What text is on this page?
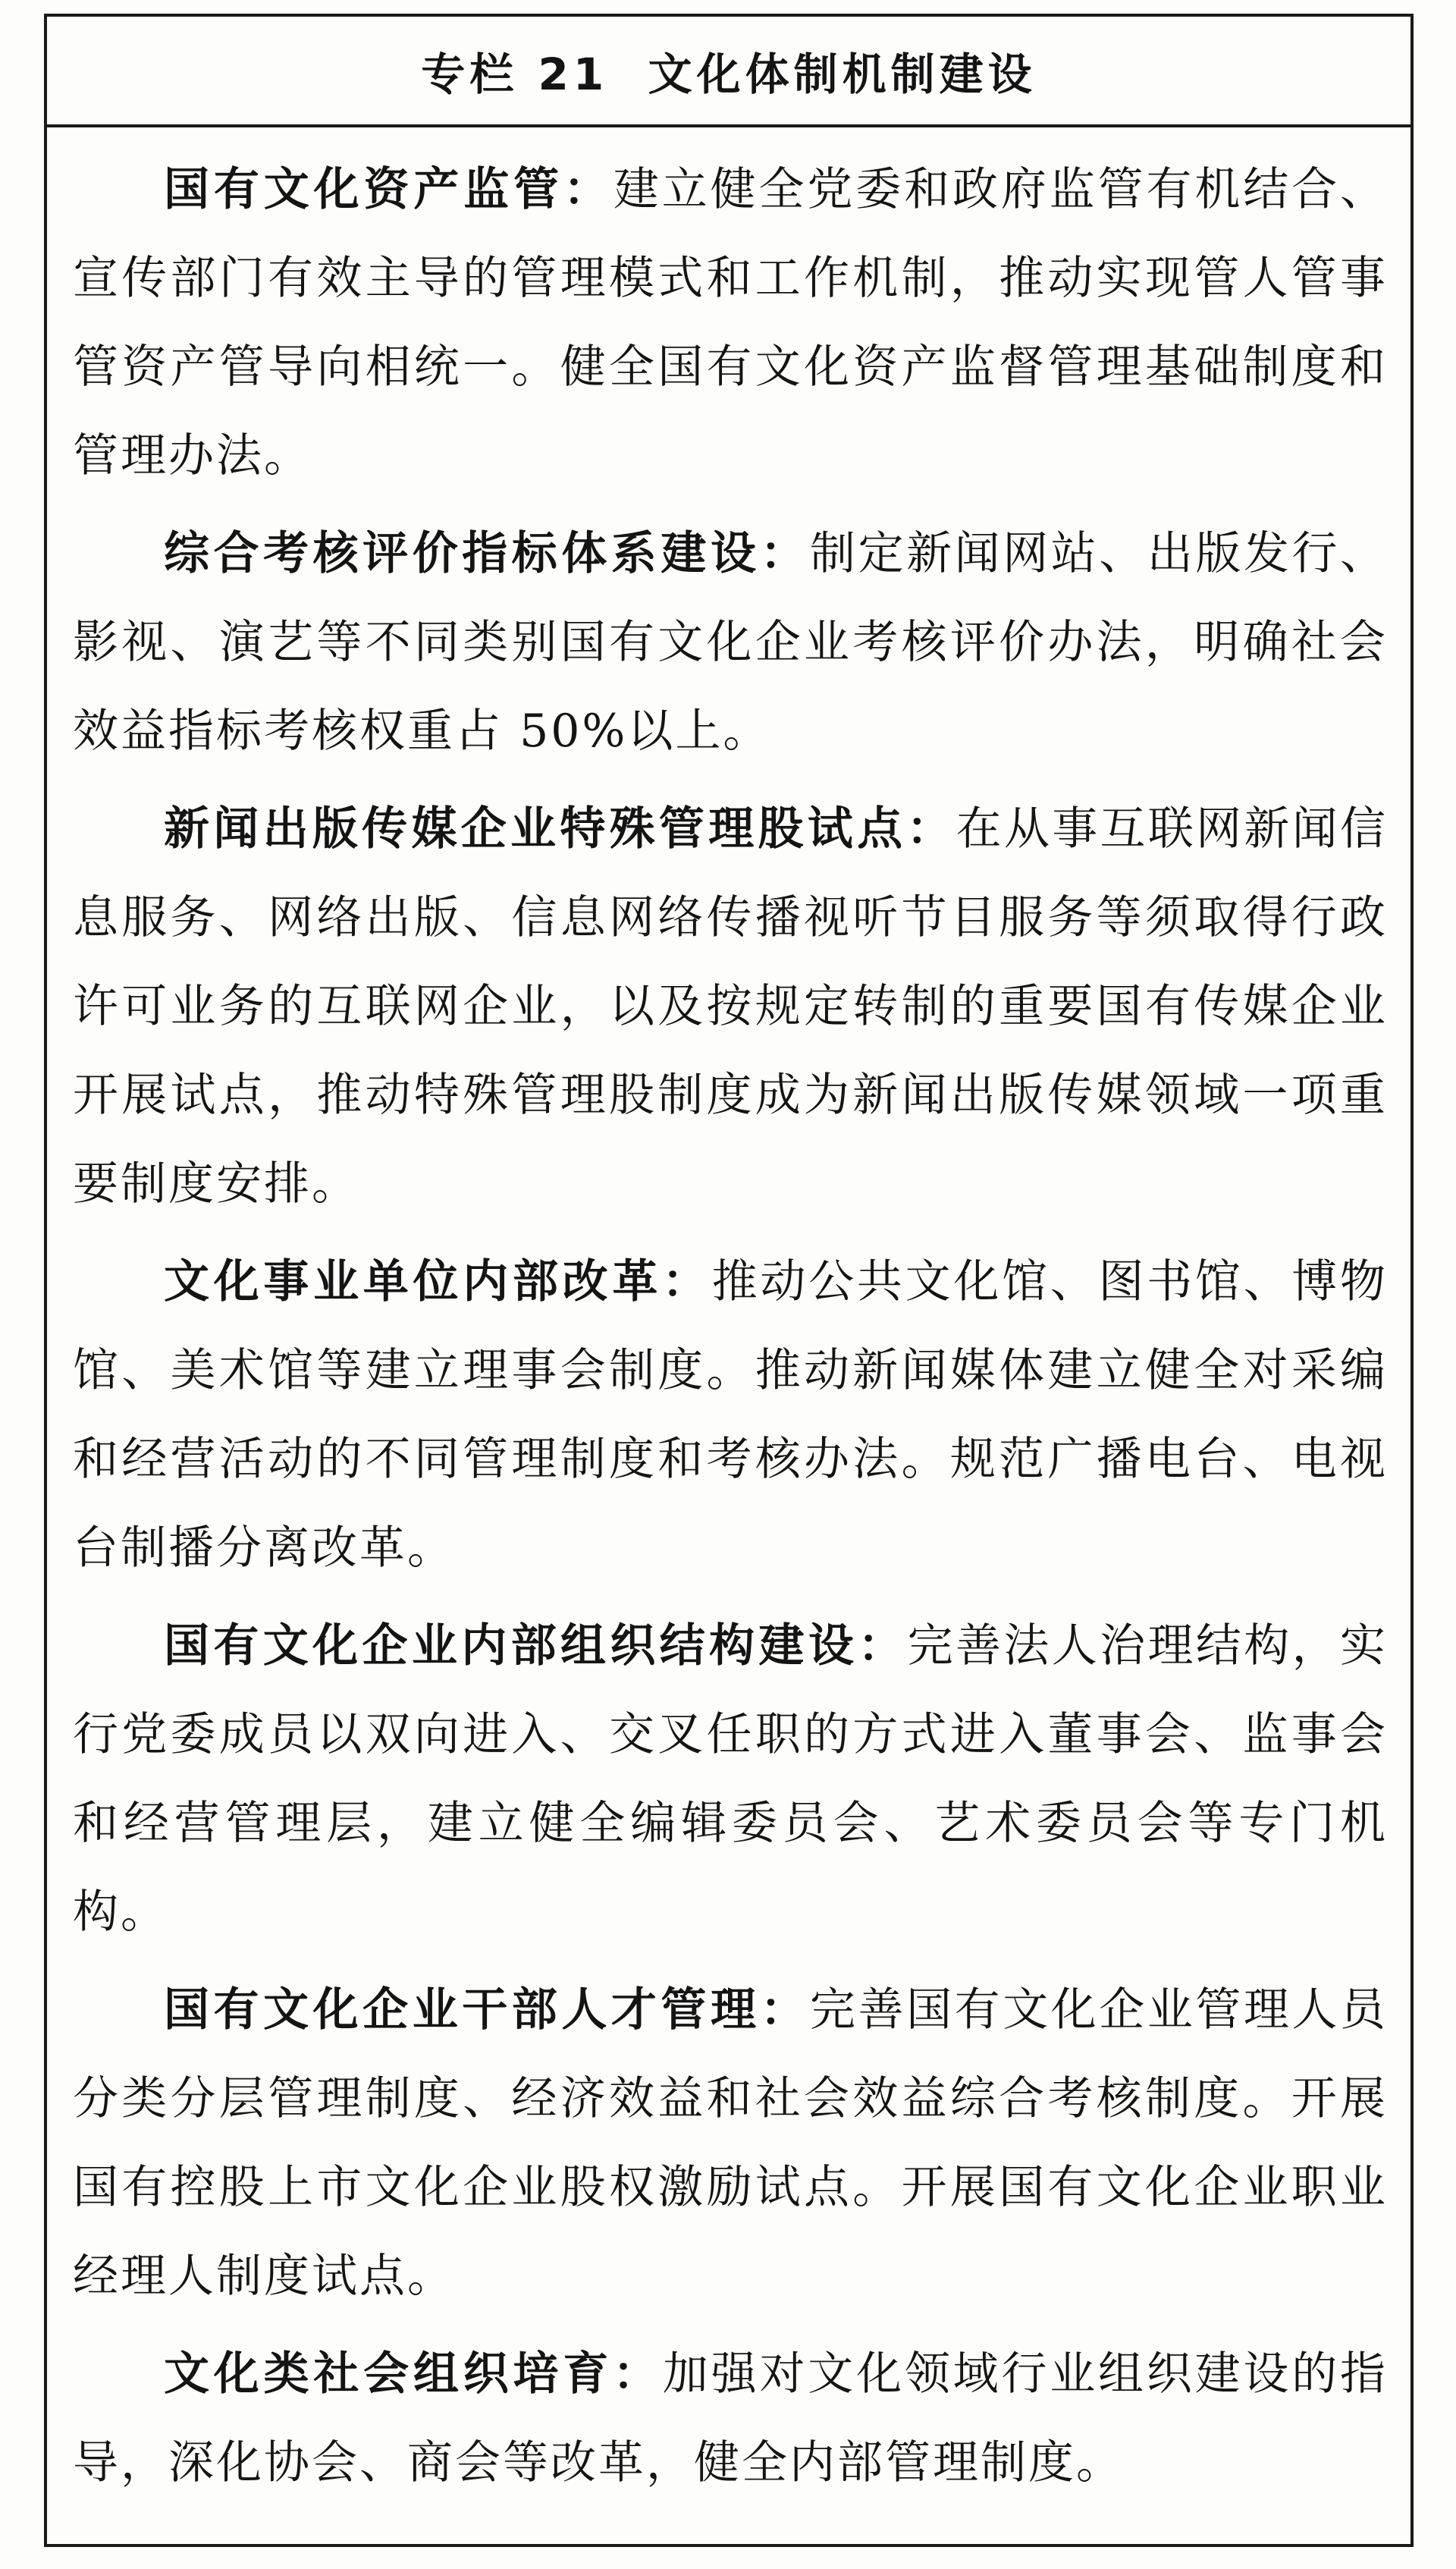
专栏 21  文化体制机制建设

国有文化资产监管：建立健全党委和政府监管有机结合、宣传部门有效主导的管理模式和工作机制，推动实现管人管事管资产管导向相统一。健全国有文化资产监督管理基础制度和管理办法。

综合考核评价指标体系建设：制定新闻网站、出版发行、影视、演艺等不同类别国有文化企业考核评价办法，明确社会效益指标考核权重占 50%以上。

新闻出版传媒企业特殊管理股试点：在从事互联网新闻信息服务、网络出版、信息网络传播视听节目服务等须取得行政许可业务的互联网企业，以及按规定转制的重要国有传媒企业开展试点，推动特殊管理股制度成为新闻出版传媒领域一项重要制度安排。

文化事业单位内部改革：推动公共文化馆、图书馆、博物馆、美术馆等建立理事会制度。推动新闻媒体建立健全对采编和经营活动的不同管理制度和考核办法。规范广播电台、电视台制播分离改革。

国有文化企业内部组织结构建设：完善法人治理结构，实行党委成员以双向进入、交叉任职的方式进入董事会、监事会和经营管理层，建立健全编辑委员会、艺术委员会等专门机构。

国有文化企业干部人才管理：完善国有文化企业管理人员分类分层管理制度、经济效益和社会效益综合考核制度。开展国有控股上市文化企业股权激励试点。开展国有文化企业职业经理人制度试点。

文化类社会组织培育：加强对文化领域行业组织建设的指导，深化协会、商会等改革，健全内部管理制度。
